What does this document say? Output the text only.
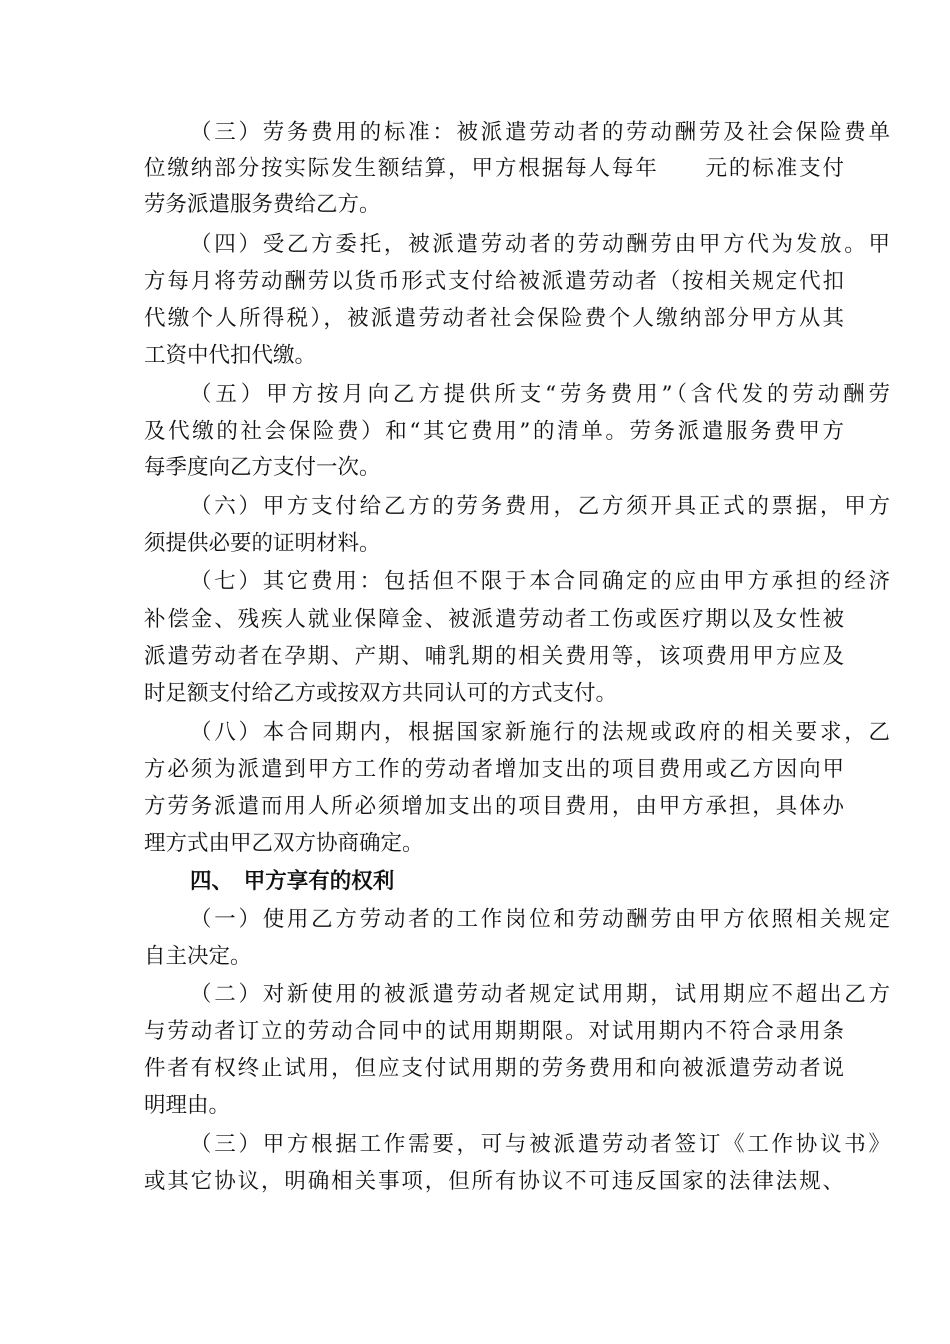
（三）劳务费用的标准：被派遣劳动者的劳动酬劳及社会保险费单
位缴纳部分按实际发生额结算，甲方根据每人每年　　元的标准支付
劳务派遣服务费给乙方。
（四）受乙方委托，被派遣劳动者的劳动酬劳由甲方代为发放。甲
方每月将劳动酬劳以货币形式支付给被派遣劳动者（按相关规定代扣
代缴个人所得税），被派遣劳动者社会保险费个人缴纳部分甲方从其
工资中代扣代缴。
（五）甲方按月向乙方提供所支“劳务费用”（含代发的劳动酬劳
及代缴的社会保险费）和“其它费用”的清单。劳务派遣服务费甲方
每季度向乙方支付一次。
（六）甲方支付给乙方的劳务费用，乙方须开具正式的票据，甲方
须提供必要的证明材料。
（七）其它费用：包括但不限于本合同确定的应由甲方承担的经济
补偿金、残疾人就业保障金、被派遣劳动者工伤或医疗期以及女性被
派遣劳动者在孕期、产期、哺乳期的相关费用等，该项费用甲方应及
时足额支付给乙方或按双方共同认可的方式支付。
（八）本合同期内，根据国家新施行的法规或政府的相关要求，乙
方必须为派遣到甲方工作的劳动者增加支出的项目费用或乙方因向甲
方劳务派遣而用人所必须增加支出的项目费用，由甲方承担，具体办
理方式由甲乙双方协商确定。
四、　甲方享有的权利
（一）使用乙方劳动者的工作岗位和劳动酬劳由甲方依照相关规定
自主决定。
（二）对新使用的被派遣劳动者规定试用期，试用期应不超出乙方
与劳动者订立的劳动合同中的试用期期限。对试用期内不符合录用条
件者有权终止试用，但应支付试用期的劳务费用和向被派遣劳动者说
明理由。
（三）甲方根据工作需要，可与被派遣劳动者签订《工作协议书》
或其它协议，明确相关事项，但所有协议不可违反国家的法律法规、
